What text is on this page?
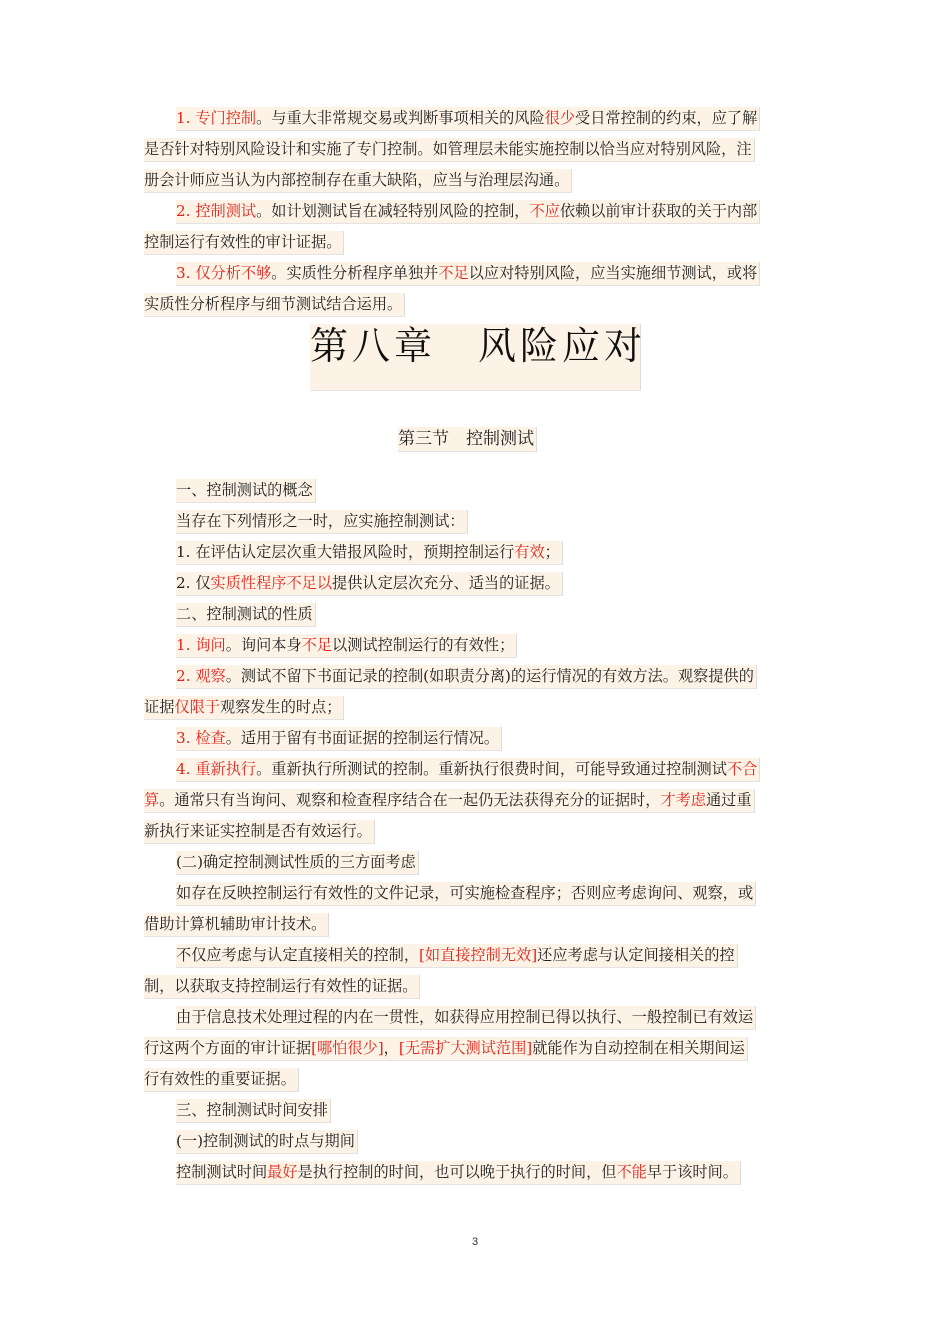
1. 专门控制。与重大非常规交易或判断事项相关的风险很少受日常控制的约束，应了解
是否针对特别风险设计和实施了专门控制。如管理层未能实施控制以恰当应对特别风险，注
册会计师应当认为内部控制存在重大缺陷，应当与治理层沟通。
2. 控制测试。如计划测试旨在减轻特别风险的控制，不应依赖以前审计获取的关于内部
控制运行有效性的审计证据。
3. 仅分析不够。实质性分析程序单独并不足以应对特别风险，应当实施细节测试，或将
实质性分析程序与细节测试结合运用。
第八章　风险应对
第三节　控制测试
一、控制测试的概念
当存在下列情形之一时，应实施控制测试：
1. 在评估认定层次重大错报风险时，预期控制运行有效；
2. 仅实质性程序不足以提供认定层次充分、适当的证据。
二、控制测试的性质
1. 询问。询问本身不足以测试控制运行的有效性；
2. 观察。测试不留下书面记录的控制(如职责分离)的运行情况的有效方法。观察提供的
证据仅限于观察发生的时点；
3. 检查。适用于留有书面证据的控制运行情况。
4. 重新执行。重新执行所测试的控制。重新执行很费时间，可能导致通过控制测试不合
算。通常只有当询问、观察和检查程序结合在一起仍无法获得充分的证据时，才考虑通过重
新执行来证实控制是否有效运行。
(二)确定控制测试性质的三方面考虑
如存在反映控制运行有效性的文件记录，可实施检查程序；否则应考虑询问、观察，或
借助计算机辅助审计技术。
不仅应考虑与认定直接相关的控制，[如直接控制无效]还应考虑与认定间接相关的控
制，以获取支持控制运行有效性的证据。
由于信息技术处理过程的内在一贯性，如获得应用控制已得以执行、一般控制已有效运
行这两个方面的审计证据[哪怕很少]，[无需扩大测试范围]就能作为自动控制在相关期间运
行有效性的重要证据。
三、控制测试时间安排
(一)控制测试的时点与期间
控制测试时间最好是执行控制的时间，也可以晚于执行的时间，但不能早于该时间。
3
